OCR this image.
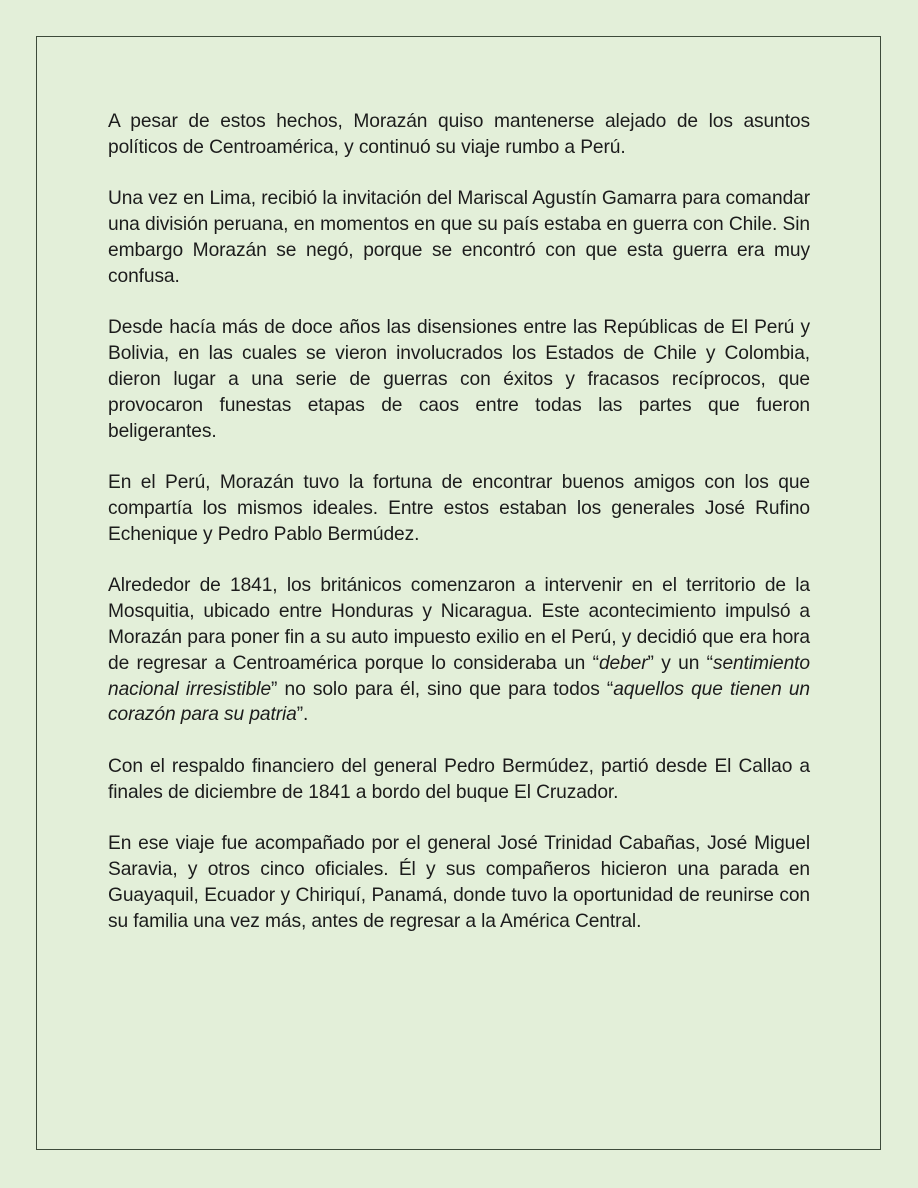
A pesar de estos hechos, Morazán quiso mantenerse alejado de los asuntos políticos de Centroamérica, y continuó su viaje rumbo a Perú.

Una vez en Lima, recibió la invitación del Mariscal Agustín Gamarra para comandar una división peruana, en momentos en que su país estaba en guerra con Chile. Sin embargo Morazán se negó, porque se encontró con que esta guerra era muy confusa.

Desde hacía más de doce años las disensiones entre las Repúblicas de El Perú y Bolivia, en las cuales se vieron involucrados los Estados de Chile y Colombia, dieron lugar a una serie de guerras con éxitos y fracasos recíprocos, que provocaron funestas etapas de caos entre todas las partes que fueron beligerantes.

En el Perú, Morazán tuvo la fortuna de encontrar buenos amigos con los que compartía los mismos ideales. Entre estos estaban los generales José Rufino Echenique y Pedro Pablo Bermúdez.

Alrededor de 1841, los británicos comenzaron a intervenir en el territorio de la Mosquitia, ubicado entre Honduras y Nicaragua. Este acontecimiento impulsó a Morazán para poner fin a su auto impuesto exilio en el Perú, y decidió que era hora de regresar a Centroamérica porque lo consideraba un “deber” y un “sentimiento nacional irresistible” no solo para él, sino que para todos “aquellos que tienen un corazón para su patria”.

Con el respaldo financiero del general Pedro Bermúdez, partió desde El Callao a finales de diciembre de 1841 a bordo del buque El Cruzador.

En ese viaje fue acompañado por el general José Trinidad Cabañas, José Miguel Saravia, y otros cinco oficiales. Él y sus compañeros hicieron una parada en Guayaquil, Ecuador y Chiriquí, Panamá, donde tuvo la oportunidad de reunirse con su familia una vez más, antes de regresar a la América Central.
